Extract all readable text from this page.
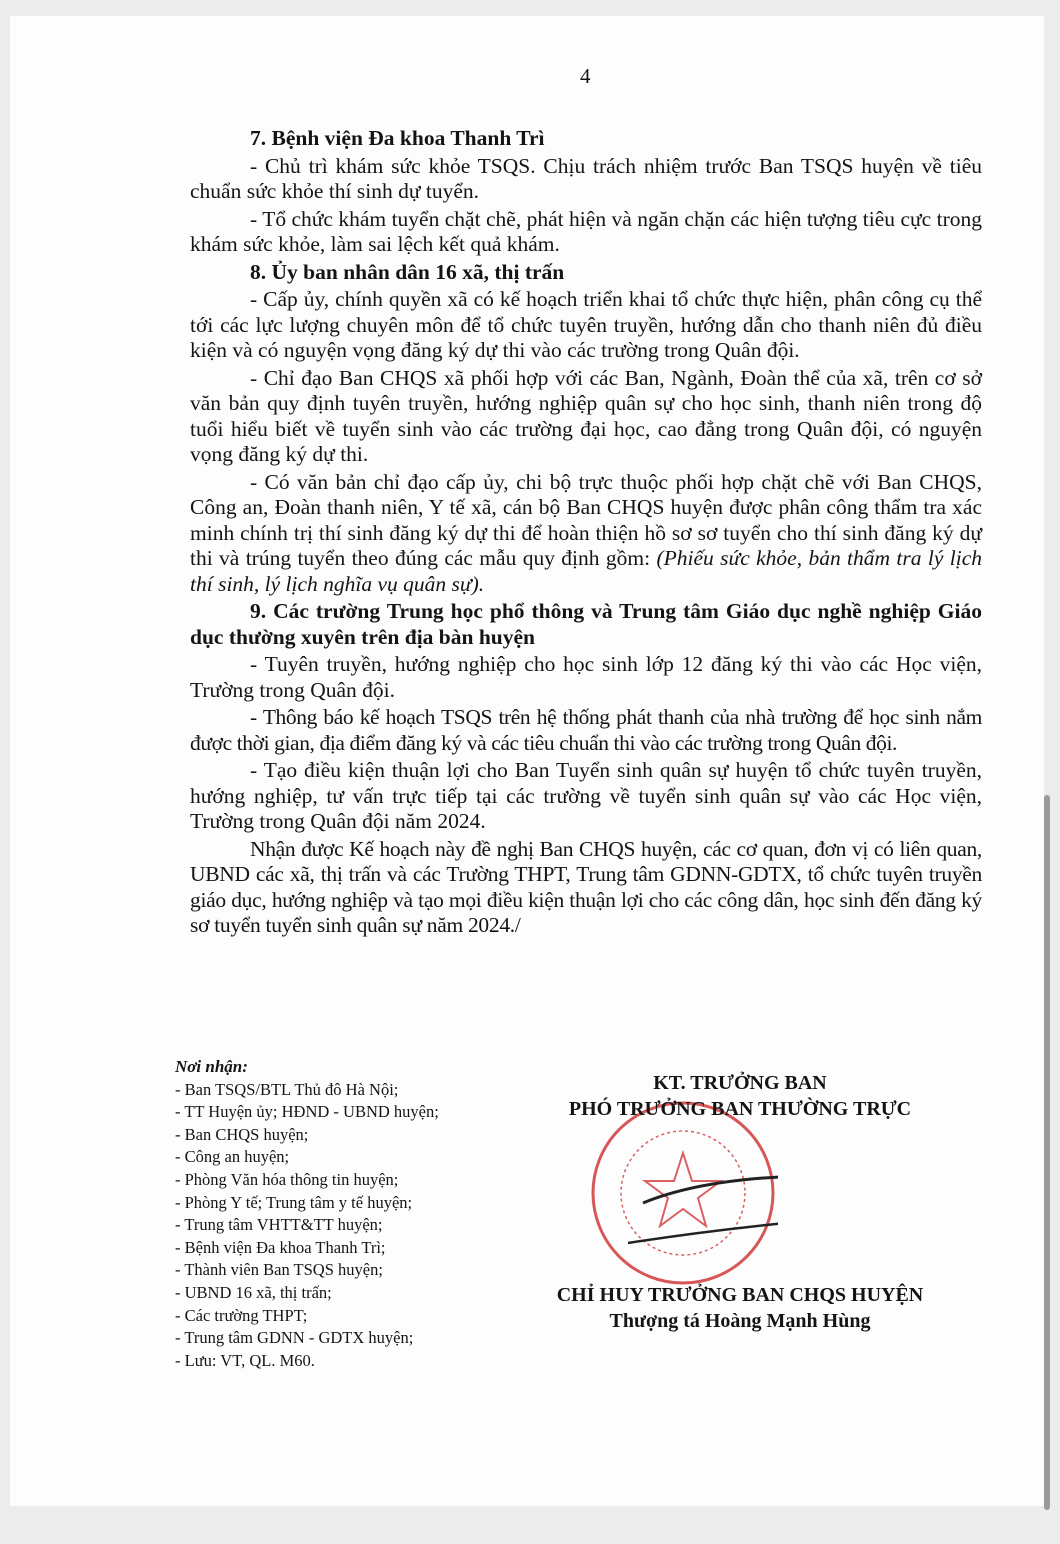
4
7. Bệnh viện Đa khoa Thanh Trì

- Chủ trì khám sức khỏe TSQS. Chịu trách nhiệm trước Ban TSQS huyện về tiêu chuẩn sức khỏe thí sinh dự tuyển.

- Tổ chức khám tuyển chặt chẽ, phát hiện và ngăn chặn các hiện tượng tiêu cực trong khám sức khỏe, làm sai lệch kết quả khám.

8. Ủy ban nhân dân 16 xã, thị trấn

- Cấp ủy, chính quyền xã có kế hoạch triển khai tổ chức thực hiện, phân công cụ thể tới các lực lượng chuyên môn để tổ chức tuyên truyền, hướng dẫn cho thanh niên đủ điều kiện và có nguyện vọng đăng ký dự thi vào các trường trong Quân đội.

- Chỉ đạo Ban CHQS xã phối hợp với các Ban, Ngành, Đoàn thể của xã, trên cơ sở văn bản quy định tuyên truyền, hướng nghiệp quân sự cho học sinh, thanh niên trong độ tuổi hiểu biết về tuyển sinh vào các trường đại học, cao đẳng trong Quân đội, có nguyện vọng đăng ký dự thi.

- Có văn bản chỉ đạo cấp ủy, chi bộ trực thuộc phối hợp chặt chẽ với Ban CHQS, Công an, Đoàn thanh niên, Y tế xã, cán bộ Ban CHQS huyện được phân công thẩm tra xác minh chính trị thí sinh đăng ký dự thi để hoàn thiện hồ sơ sơ tuyển cho thí sinh đăng ký dự thi và trúng tuyển theo đúng các mẫu quy định gồm: (Phiếu sức khỏe, bản thẩm tra lý lịch thí sinh, lý lịch nghĩa vụ quân sự).

9. Các trường Trung học phổ thông và Trung tâm Giáo dục nghề nghiệp Giáo dục thường xuyên trên địa bàn huyện

- Tuyên truyền, hướng nghiệp cho học sinh lớp 12 đăng ký thi vào các Học viện, Trường trong Quân đội.

- Thông báo kế hoạch TSQS trên hệ thống phát thanh của nhà trường để học sinh nắm được thời gian, địa điểm đăng ký và các tiêu chuẩn thi vào các trường trong Quân đội.

- Tạo điều kiện thuận lợi cho Ban Tuyển sinh quân sự huyện tổ chức tuyên truyền, hướng nghiệp, tư vấn trực tiếp tại các trường về tuyển sinh quân sự vào các Học viện, Trường trong Quân đội năm 2024.

Nhận được Kế hoạch này đề nghị Ban CHQS huyện, các cơ quan, đơn vị có liên quan, UBND các xã, thị trấn và các Trường THPT, Trung tâm GDNN-GDTX, tổ chức tuyên truyền giáo dục, hướng nghiệp và tạo mọi điều kiện thuận lợi cho các công dân, học sinh đến đăng ký sơ tuyển tuyển sinh quân sự năm 2024./

Nơi nhận:
- Ban TSQS/BTL Thủ đô Hà Nội;
- TT Huyện ủy; HĐND - UBND huyện;
- Ban CHQS huyện;
- Công an huyện;
- Phòng Văn hóa thông tin huyện;
- Phòng Y tế; Trung tâm y tế huyện;
- Trung tâm VHTT&TT huyện;
- Bệnh viện Đa khoa Thanh Trì;
- Thành viên Ban TSQS huyện;
- UBND 16 xã, thị trấn;
- Các trường THPT;
- Trung tâm GDNN - GDTX huyện;
- Lưu: VT, QL. M60.
KT. TRƯỞNG BAN
PHÓ TRƯỞNG BAN THƯỜNG TRỰC
CHỈ HUY TRƯỞNG BAN CHQS HUYỆN
Thượng tá Hoàng Mạnh Hùng
